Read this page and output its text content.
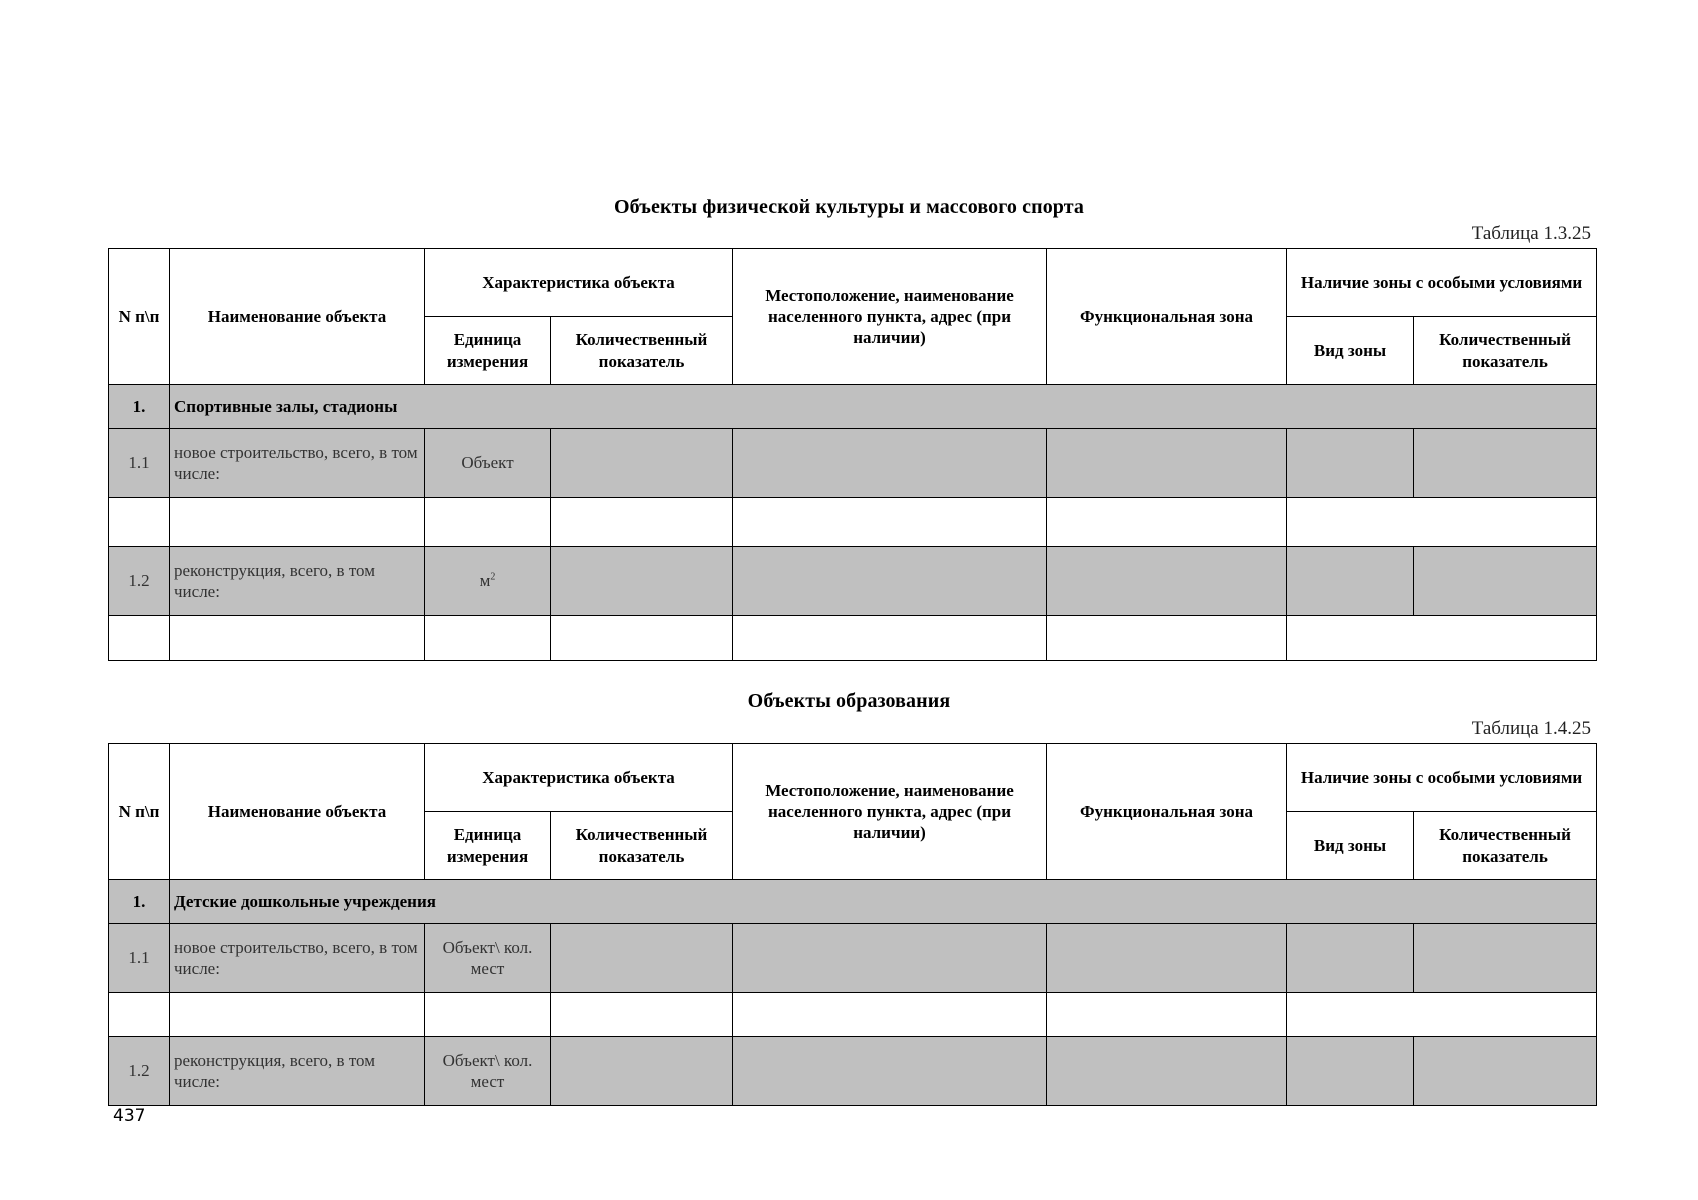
Объекты физической культуры и массового спорта
Таблица 1.3.25
N п\п	Наименование объекта	Характеристика объекта		Местоположение, наименование населенного пункта, адрес (при наличии)	Функциональная зона	Наличие зоны с особыми условиями	
		Единица измерения	Количественный показатель			Вид зоны	Количественный показатель
1.	Спортивные залы, стадионы						
1.1	новое строительство, всего, в том числе:	Объект					

1.2	реконструкция, всего, в том числе:	$м^2$					

Объекты образования
Таблица 1.4.25
N п\п	Наименование объекта	Характеристика объекта		Местоположение, наименование населенного пункта, адрес (при наличии)	Функциональная зона	Наличие зоны с особыми условиями	
		Единица измерения	Количественный показатель			Вид зоны	Количественный показатель
1.	Детские дошкольные учреждения						
1.1	новое строительство, всего, в том числе:	Объект\ кол. мест					

1.2	реконструкция, всего, в том числе:	Объект\ кол. мест					
437
